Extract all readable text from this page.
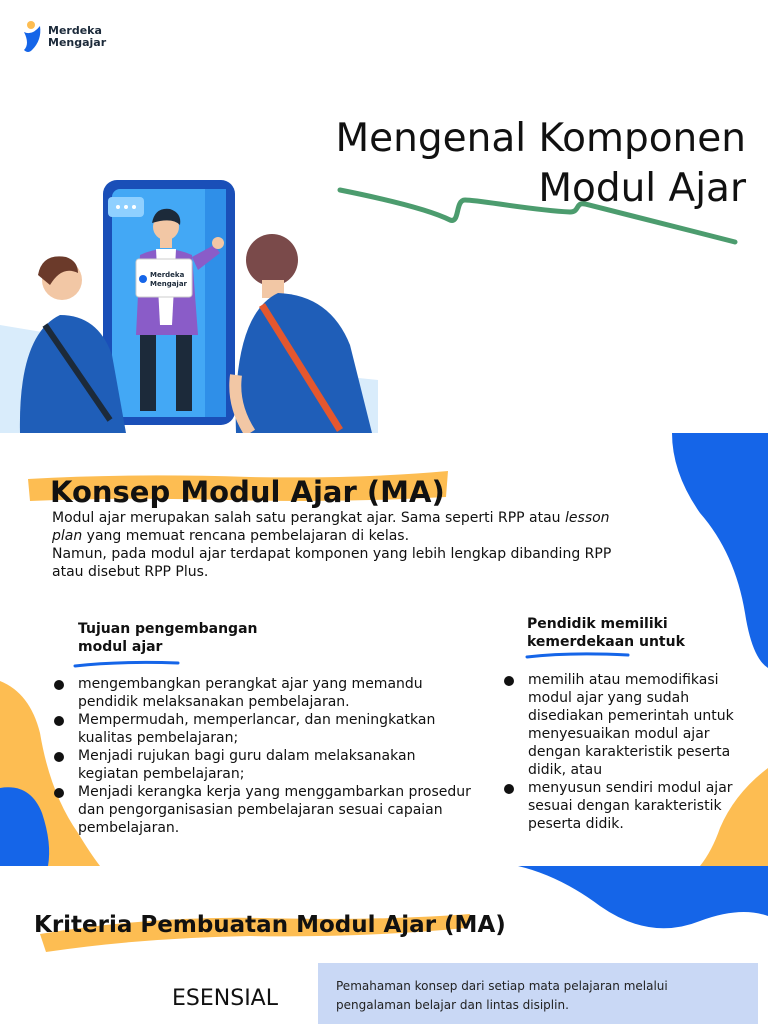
Merdeka
Mengajar
Mengenal Komponen
Modul Ajar
Merdeka
Mengajar
Konsep Modul Ajar (MA)
Modul ajar merupakan salah satu perangkat ajar. Sama seperti RPP atau lesson plan yang memuat rencana pembelajaran di kelas.
Namun, pada modul ajar terdapat komponen yang lebih lengkap dibanding RPP atau disebut RPP Plus.
Tujuan pengembangan modul ajar
mengembangkan perangkat ajar yang memandu pendidik melaksanakan pembelajaran.
Mempermudah, memperlancar, dan meningkatkan kualitas pembelajaran;
Menjadi rujukan bagi guru dalam melaksanakan kegiatan pembelajaran;
Menjadi kerangka kerja yang menggambarkan prosedur dan pengorganisasian pembelajaran sesuai capaian pembelajaran.
Pendidik memiliki kemerdekaan untuk
memilih atau memodifikasi modul ajar yang sudah disediakan pemerintah untuk menyesuaikan modul ajar dengan karakteristik peserta didik, atau
menyusun sendiri modul ajar sesuai dengan karakteristik peserta didik.
Kriteria Pembuatan Modul Ajar (MA)
ESENSIAL	Pemahaman konsep dari setiap mata pelajaran melalui pengalaman belajar dan lintas disiplin.
